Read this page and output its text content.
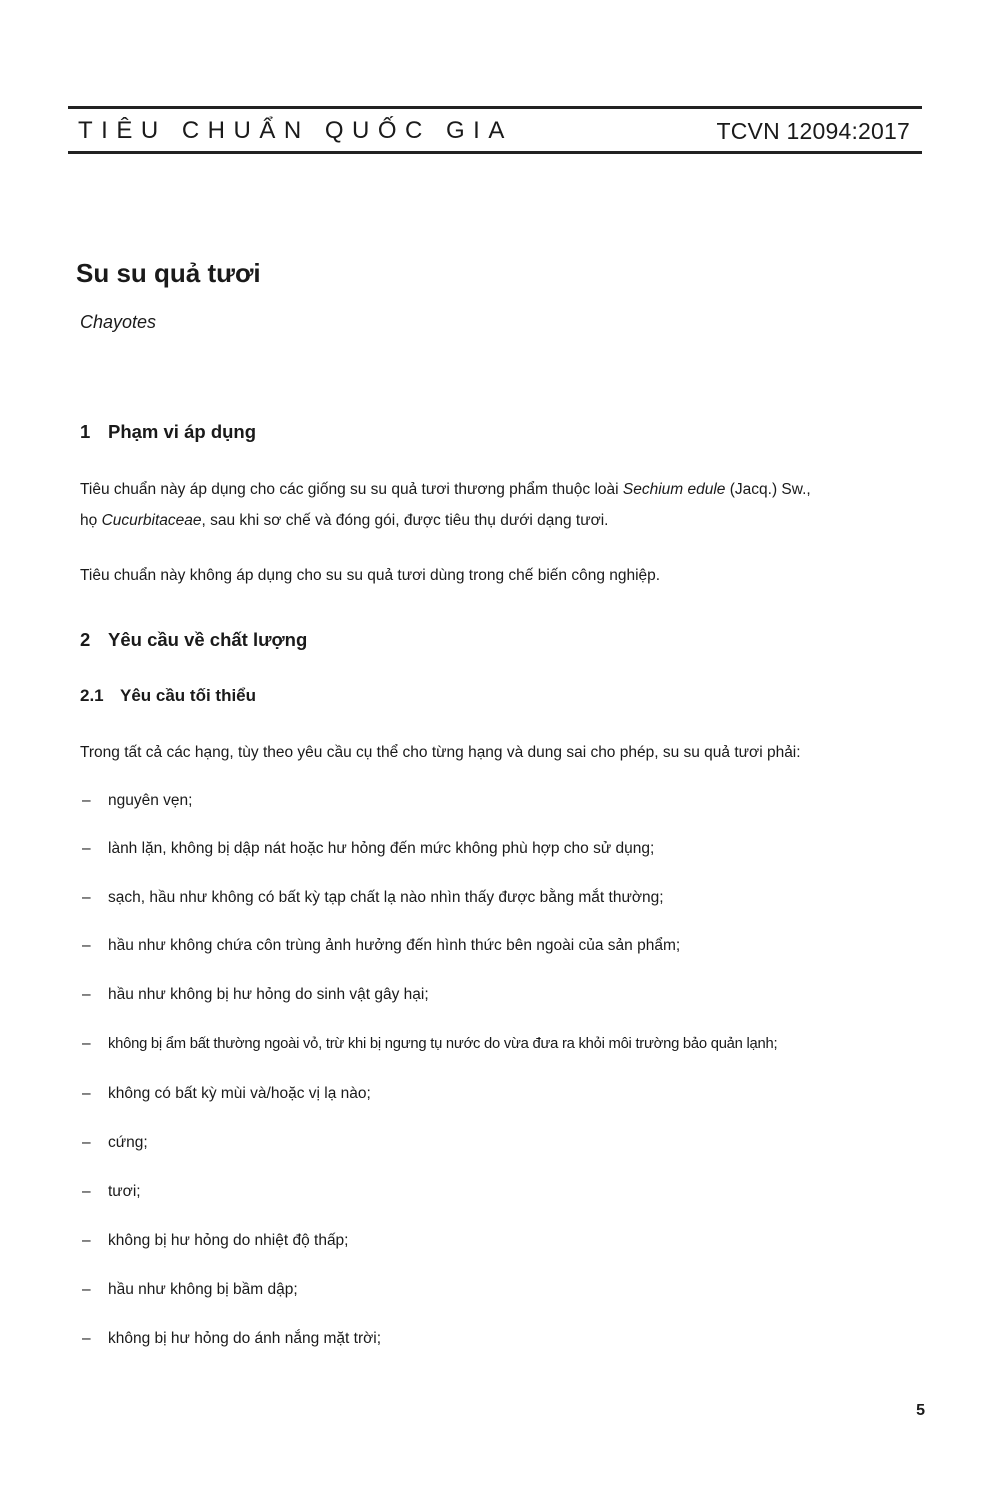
TIÊU CHUẨN QUỐC GIA	TCVN 12094:2017
Su su quả tươi
Chayotes
1 Phạm vi áp dụng
Tiêu chuẩn này áp dụng cho các giống su su quả tươi thương phẩm thuộc loài Sechium edule (Jacq.) Sw.,
họ Cucurbitaceae, sau khi sơ chế và đóng gói, được tiêu thụ dưới dạng tươi.
Tiêu chuẩn này không áp dụng cho su su quả tươi dùng trong chế biến công nghiệp.
2 Yêu cầu về chất lượng
2.1 Yêu cầu tối thiểu
Trong tất cả các hạng, tùy theo yêu cầu cụ thể cho từng hạng và dung sai cho phép, su su quả tươi phải:
– nguyên vẹn;
– lành lặn, không bị dập nát hoặc hư hỏng đến mức không phù hợp cho sử dụng;
– sạch, hầu như không có bất kỳ tạp chất lạ nào nhìn thấy được bằng mắt thường;
– hầu như không chứa côn trùng ảnh hưởng đến hình thức bên ngoài của sản phẩm;
– hầu như không bị hư hỏng do sinh vật gây hại;
– không bị ẩm bất thường ngoài vỏ, trừ khi bị ngưng tụ nước do vừa đưa ra khỏi môi trường bảo quản lạnh;
– không có bất kỳ mùi và/hoặc vị lạ nào;
– cứng;
– tươi;
– không bị hư hỏng do nhiệt độ thấp;
– hầu như không bị bầm dập;
– không bị hư hỏng do ánh nắng mặt trời;
5
